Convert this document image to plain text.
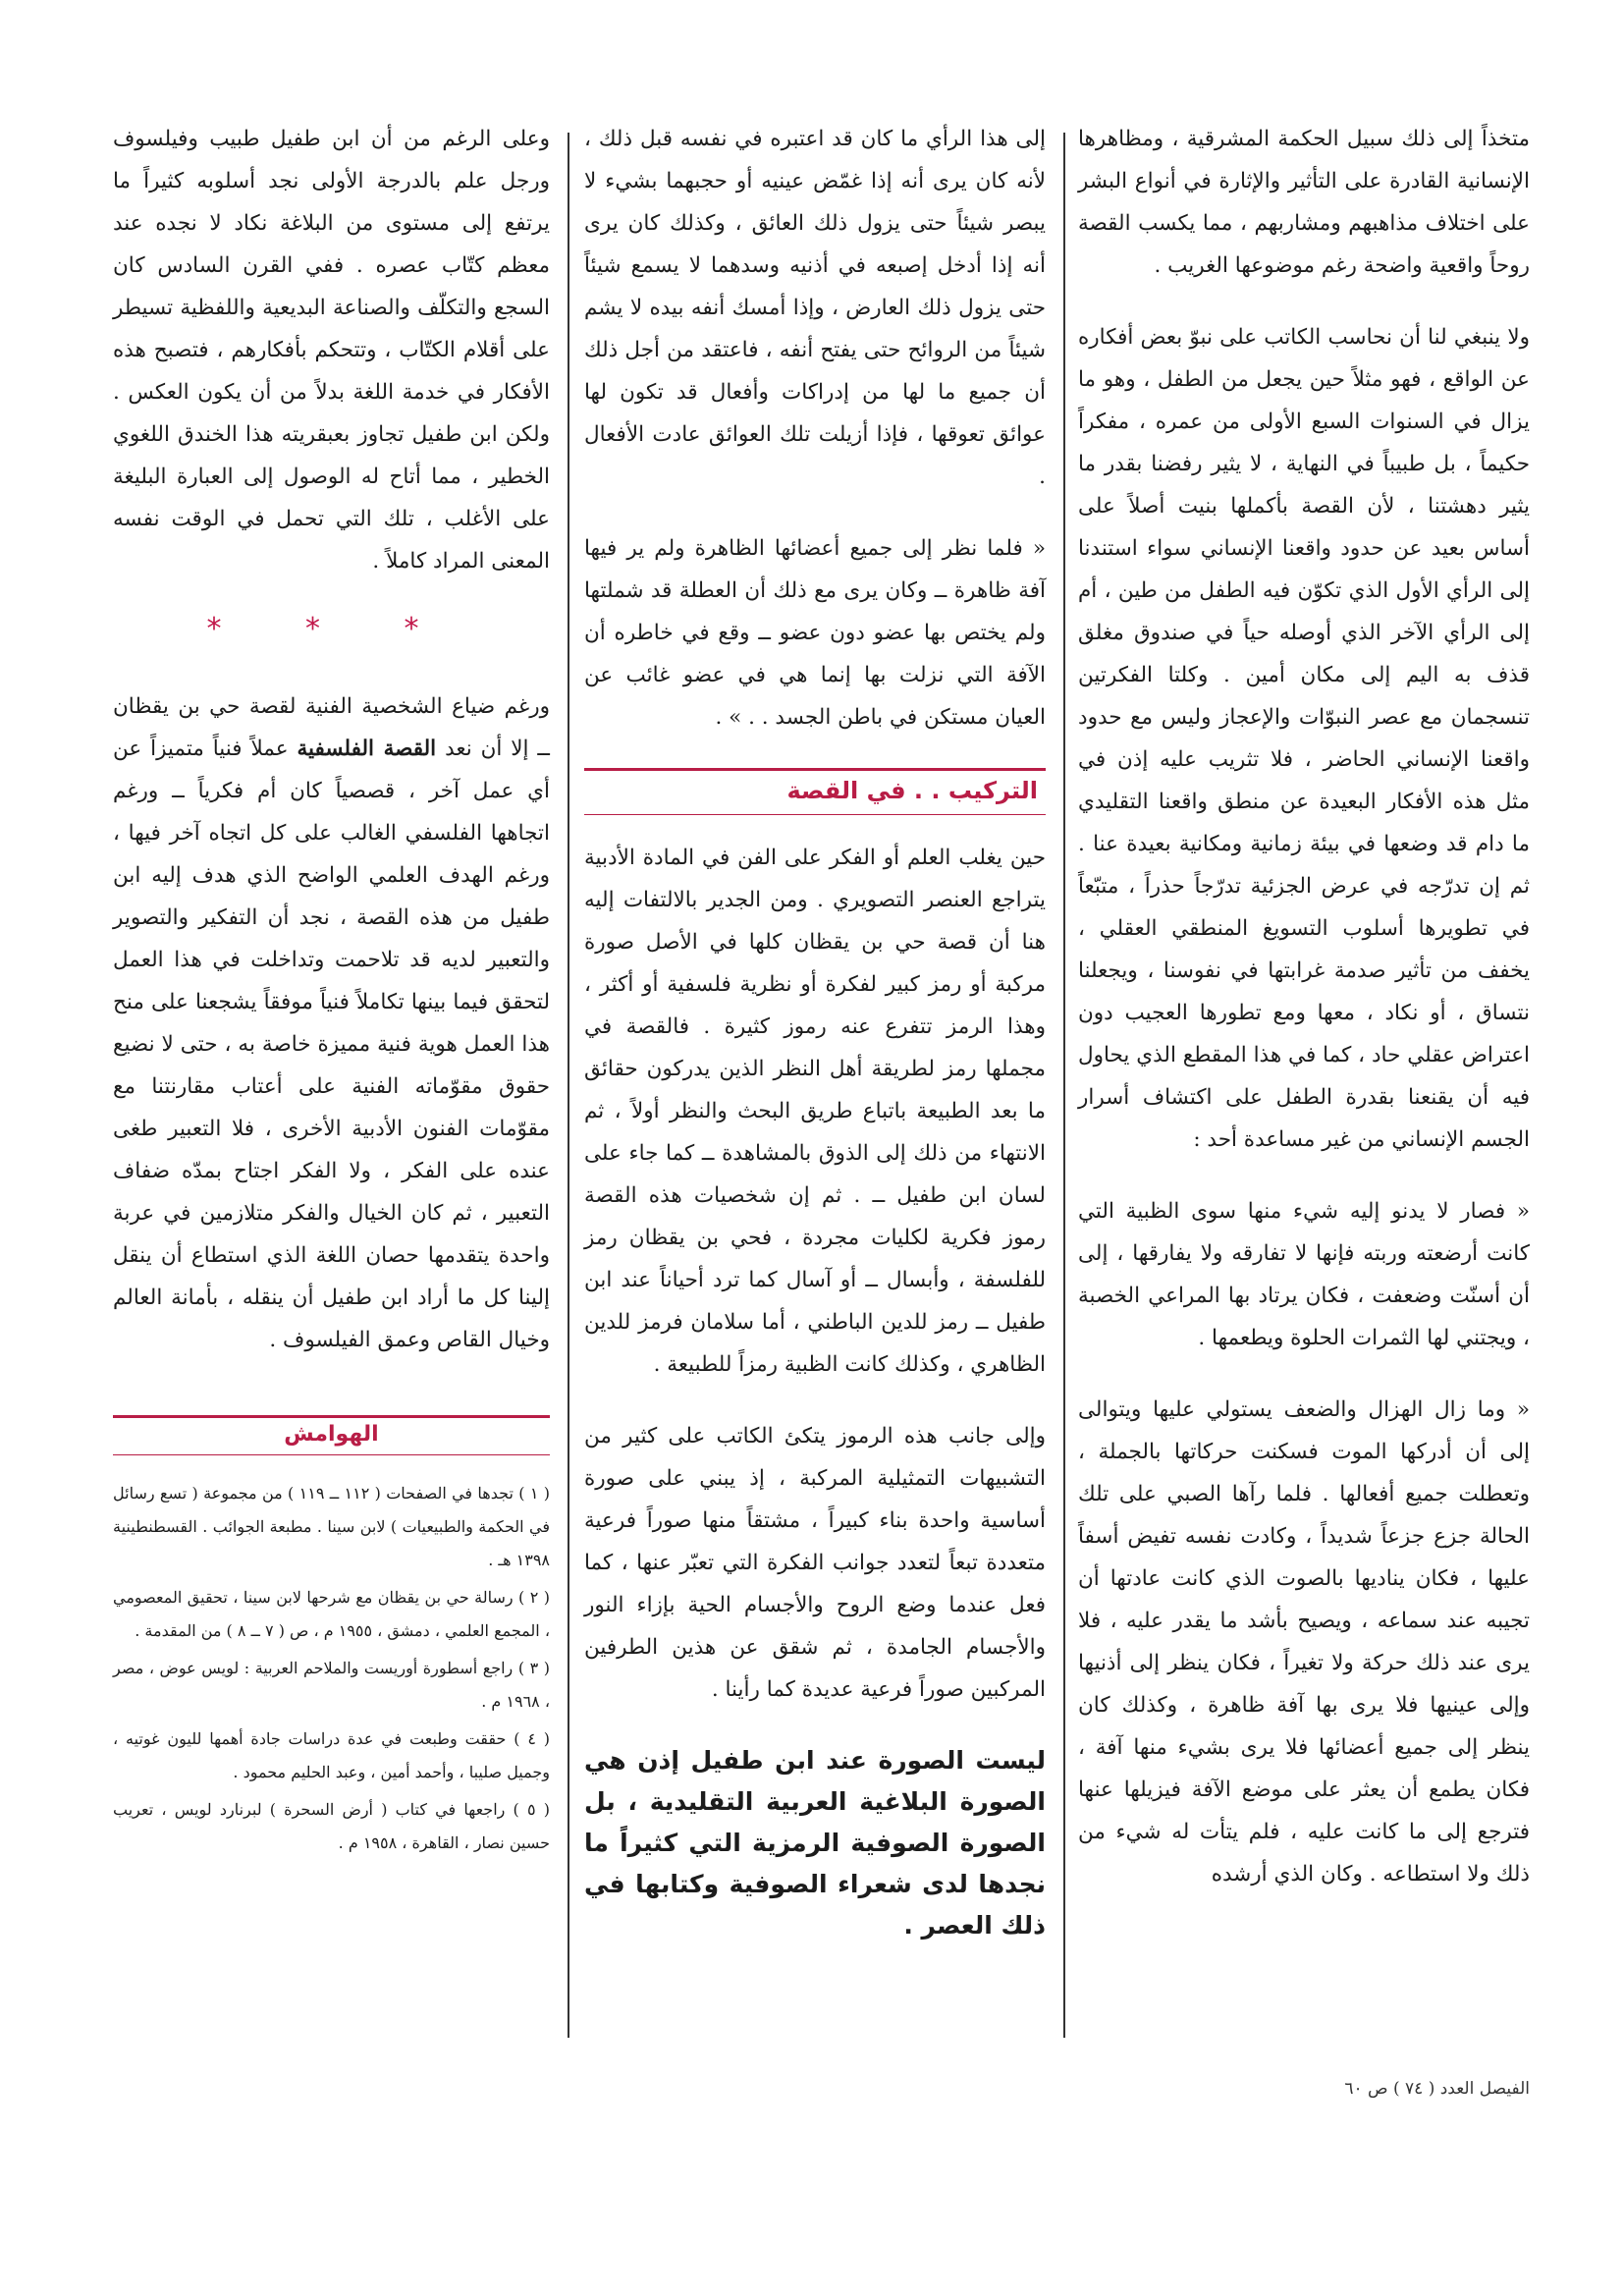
متخذاً إلى ذلك سبيل الحكمة المشرقية ، ومظاهرها الإنسانية القادرة على التأثير والإثارة في أنواع البشر على اختلاف مذاهبهم ومشاربهم ، مما يكسب القصة روحاً واقعية واضحة رغم موضوعها الغريب .

ولا ينبغي لنا أن نحاسب الكاتب على نبوّ بعض أفكاره عن الواقع ، فهو مثلاً حين يجعل من الطفل ، وهو ما يزال في السنوات السبع الأولى من عمره ، مفكراً حكيماً ، بل طبيباً في النهاية ، لا يثير رفضنا بقدر ما يثير دهشتنا ، لأن القصة بأكملها بنيت أصلاً على أساس بعيد عن حدود واقعنا الإنساني سواء استندنا إلى الرأي الأول الذي تكوّن فيه الطفل من طين ، أم إلى الرأي الآخر الذي أوصله حياً في صندوق مغلق قذف به اليم إلى مكان أمين . وكلتا الفكرتين تنسجمان مع عصر النبوّات والإعجاز وليس مع حدود واقعنا الإنساني الحاضر ، فلا تثريب عليه إذن في مثل هذه الأفكار البعيدة عن منطق واقعنا التقليدي ما دام قد وضعها في بيئة زمانية ومكانية بعيدة عنا . ثم إن تدرّجه في عرض الجزئية تدرّجاً حذراً ، متبّعاً في تطويرها أسلوب التسويغ المنطقي العقلي ، يخفف من تأثير صدمة غرابتها في نفوسنا ، ويجعلنا نتساق ، أو نكاد ، معها ومع تطورها العجيب دون اعتراض عقلي حاد ، كما في هذا المقطع الذي يحاول فيه أن يقنعنا بقدرة الطفل على اكتشاف أسرار الجسم الإنساني من غير مساعدة أحد :

« فصار لا يدنو إليه شيء منها سوى الظبية التي كانت أرضعته وربته فإنها لا تفارقه ولا يفارقها ، إلى أن أسنّت وضعفت ، فكان يرتاد بها المراعي الخصبة ، ويجتني لها الثمرات الحلوة ويطعمها .

« وما زال الهزال والضعف يستولي عليها ويتوالى إلى أن أدركها الموت فسكنت حركاتها بالجملة ، وتعطلت جميع أفعالها . فلما رآها الصبي على تلك الحالة جزع جزعاً شديداً ، وكادت نفسه تفيض أسفاً عليها ، فكان يناديها بالصوت الذي كانت عادتها أن تجيبه عند سماعه ، ويصيح بأشد ما يقدر عليه ، فلا يرى عند ذلك حركة ولا تغيراً ، فكان ينظر إلى أذنيها وإلى عينيها فلا يرى بها آفة ظاهرة ، وكذلك كان ينظر إلى جميع أعضائها فلا يرى بشيء منها آفة ، فكان يطمع أن يعثر على موضع الآفة فيزيلها عنها فترجع إلى ما كانت عليه ، فلم يتأت له شيء من ذلك ولا استطاعه . وكان الذي أرشده

إلى هذا الرأي ما كان قد اعتبره في نفسه قبل ذلك ، لأنه كان يرى أنه إذا غمّض عينيه أو حجبهما بشيء لا يبصر شيئاً حتى يزول ذلك العائق ، وكذلك كان يرى أنه إذا أدخل إصبعه في أذنيه وسدهما لا يسمع شيئاً حتى يزول ذلك العارض ، وإذا أمسك أنفه بيده لا يشم شيئاً من الروائح حتى يفتح أنفه ، فاعتقد من أجل ذلك أن جميع ما لها من إدراكات وأفعال قد تكون لها عوائق تعوقها ، فإذا أزيلت تلك العوائق عادت الأفعال .

« فلما نظر إلى جميع أعضائها الظاهرة ولم ير فيها آفة ظاهرة ــ وكان يرى مع ذلك أن العطلة قد شملتها ولم يختص بها عضو دون عضو ــ وقع في خاطره أن الآفة التي نزلت بها إنما هي في عضو غائب عن العيان مستكن في باطن الجسد . . » .

التركيب . . في القصة

حين يغلب العلم أو الفكر على الفن في المادة الأدبية يتراجع العنصر التصويري . ومن الجدير بالالتفات إليه هنا أن قصة حي بن يقظان كلها في الأصل صورة مركبة أو رمز كبير لفكرة أو نظرية فلسفية أو أكثر ، وهذا الرمز تتفرع عنه رموز كثيرة . فالقصة في مجملها رمز لطريقة أهل النظر الذين يدركون حقائق ما بعد الطبيعة باتباع طريق البحث والنظر أولاً ، ثم الانتهاء من ذلك إلى الذوق بالمشاهدة ــ كما جاء على لسان ابن طفيل ــ . ثم إن شخصيات هذه القصة رموز فكرية لكليات مجردة ، فحي بن يقظان رمز للفلسفة ، وأبسال ــ أو آسال كما ترد أحياناً عند ابن طفيل ــ رمز للدين الباطني ، أما سلامان فرمز للدين الظاهري ، وكذلك كانت الظبية رمزاً للطبيعة .

وإلى جانب هذه الرموز يتكئ الكاتب على كثير من التشبيهات التمثيلية المركبة ، إذ يبني على صورة أساسية واحدة بناء كبيراً ، مشتقاً منها صوراً فرعية متعددة تبعاً لتعدد جوانب الفكرة التي تعبّر عنها ، كما فعل عندما وضع الروح والأجسام الحية بإزاء النور والأجسام الجامدة ، ثم شقق عن هذين الطرفين المركبين صوراً فرعية عديدة كما رأينا .

ليست الصورة عند ابن طفيل إذن هي الصورة البلاغية العربية التقليدية ، بل الصورة الصوفية الرمزية التي كثيراً ما نجدها لدى شعراء الصوفية وكتابها في ذلك العصر .

وعلى الرغم من أن ابن طفيل طبيب وفيلسوف ورجل علم بالدرجة الأولى نجد أسلوبه كثيراً ما يرتفع إلى مستوى من البلاغة نكاد لا نجده عند معظم كتّاب عصره . ففي القرن السادس كان السجع والتكلّف والصناعة البديعية واللفظية تسيطر على أقلام الكتّاب ، وتتحكم بأفكارهم ، فتصبح هذه الأفكار في خدمة اللغة بدلاً من أن يكون العكس . ولكن ابن طفيل تجاوز بعبقريته هذا الخندق اللغوي الخطير ، مما أتاح له الوصول إلى العبارة البليغة على الأغلب ، تلك التي تحمل في الوقت نفسه المعنى المراد كاملاً .

* * *

ورغم ضياع الشخصية الفنية لقصة حي بن يقظان ــ إلا أن نعد القصة الفلسفية عملاً فنياً متميزاً عن أي عمل آخر ، قصصياً كان أم فكرياً ــ ورغم اتجاهها الفلسفي الغالب على كل اتجاه آخر فيها ، ورغم الهدف العلمي الواضح الذي هدف إليه ابن طفيل من هذه القصة ، نجد أن التفكير والتصوير والتعبير لديه قد تلاحمت وتداخلت في هذا العمل لتحقق فيما بينها تكاملاً فنياً موفقاً يشجعنا على منح هذا العمل هوية فنية مميزة خاصة به ، حتى لا نضيع حقوق مقوّماته الفنية على أعتاب مقارنتنا مع مقوّمات الفنون الأدبية الأخرى ، فلا التعبير طغى عنده على الفكر ، ولا الفكر اجتاح بمدّه ضفاف التعبير ، ثم كان الخيال والفكر متلازمين في عربة واحدة يتقدمها حصان اللغة الذي استطاع أن ينقل إلينا كل ما أراد ابن طفيل أن ينقله ، بأمانة العالم وخيال القاص وعمق الفيلسوف .

الهوامش

( ١ ) تجدها في الصفحات ( ١١٢ ــ ١١٩ ) من مجموعة ( تسع رسائل في الحكمة والطبيعيات ) لابن سينا . مطبعة الجوائب . القسطنطينية ١٣٩٨ هـ .

( ٢ ) رسالة حي بن يقظان مع شرحها لابن سينا ، تحقيق المعصومي ، المجمع العلمي ، دمشق ، ١٩٥٥ م ، ص ( ٧ ــ ٨ ) من المقدمة .

( ٣ ) راجع أسطورة أوريست والملاحم العربية : لويس عوض ، مصر ، ١٩٦٨ م .

( ٤ ) حققت وطبعت في عدة دراسات جادة أهمها لليون غوتيه ، وجميل صليبا ، وأحمد أمين ، وعبد الحليم محمود .

( ٥ ) راجعها في كتاب ( أرض السحرة ) لبرنارد لويس ، تعريب حسين نصار ، القاهرة ، ١٩٥٨ م .

الفيصل العدد ( ٧٤ ) ص ٦٠
